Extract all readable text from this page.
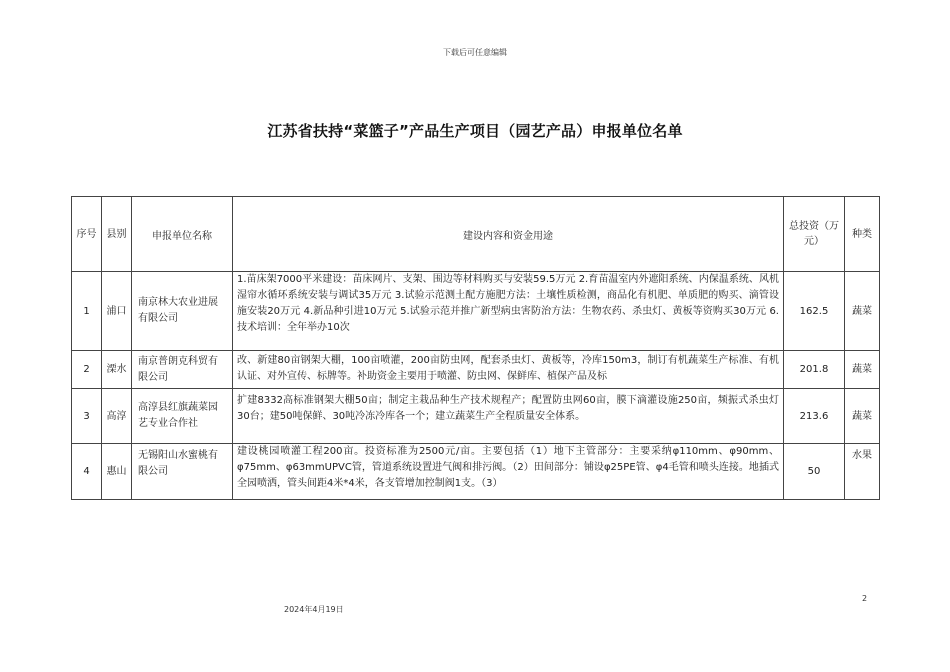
下载后可任意编辑
江苏省扶持“菜篮子”产品生产项目（园艺产品）申报单位名单
序号	县别	申报单位名称	建设内容和资金用途	总投资（万元）	种类
1	浦口	南京林大农业进展有限公司	1.苗床架7000平米建设：苗床网片、支架、围边等材料购买与安装59.5万元 2.育苗温室内外遮阳系统、内保温系统、风机湿帘水循环系统安装与调试35万元 3.试验示范测土配方施肥方法：土壤性质检测，商品化有机肥、单质肥的购买、滴管设施安装20万元 4.新品种引进10万元 5.试验示范并推广新型病虫害防治方法：生物农药、杀虫灯、黄板等资购买30万元 6.技术培训：全年举办10次	162.5	蔬菜
2	溧水	南京普朗克科贸有限公司	改、新建80亩钢架大棚，100亩喷灌，200亩防虫网，配套杀虫灯、黄板等，冷库150m3，制订有机蔬菜生产标准、有机认证、对外宣传、标牌等。补助资金主要用于喷灌、防虫网、保鲜库、植保产品及标	201.8	蔬菜
3	高淳	高淳县红旗蔬菜园艺专业合作社	扩建8332高标准钢架大棚50亩；制定主栽品种生产技术规程产；配置防虫网60亩，膜下滴灌设施250亩，频振式杀虫灯30台；建50吨保鲜、30吨冷冻冷库各一个；建立蔬菜生产全程质量安全体系。	213.6	蔬菜
4	惠山	无锡阳山水蜜桃有限公司	建设桃园喷灌工程200亩。投资标准为2500元/亩。主要包括（1）地下主管部分：主要采纳φ110mm、φ90mm、φ75mm、φ63mmUPVC管，管道系统设置进气阀和排污阀。（2）田间部分：铺设φ25PE管、φ4毛管和喷头连接。地插式全园喷洒，管头间距4米*4米，各支管增加控制阀1支。（3）	50	水果
2024年4月19日
2
